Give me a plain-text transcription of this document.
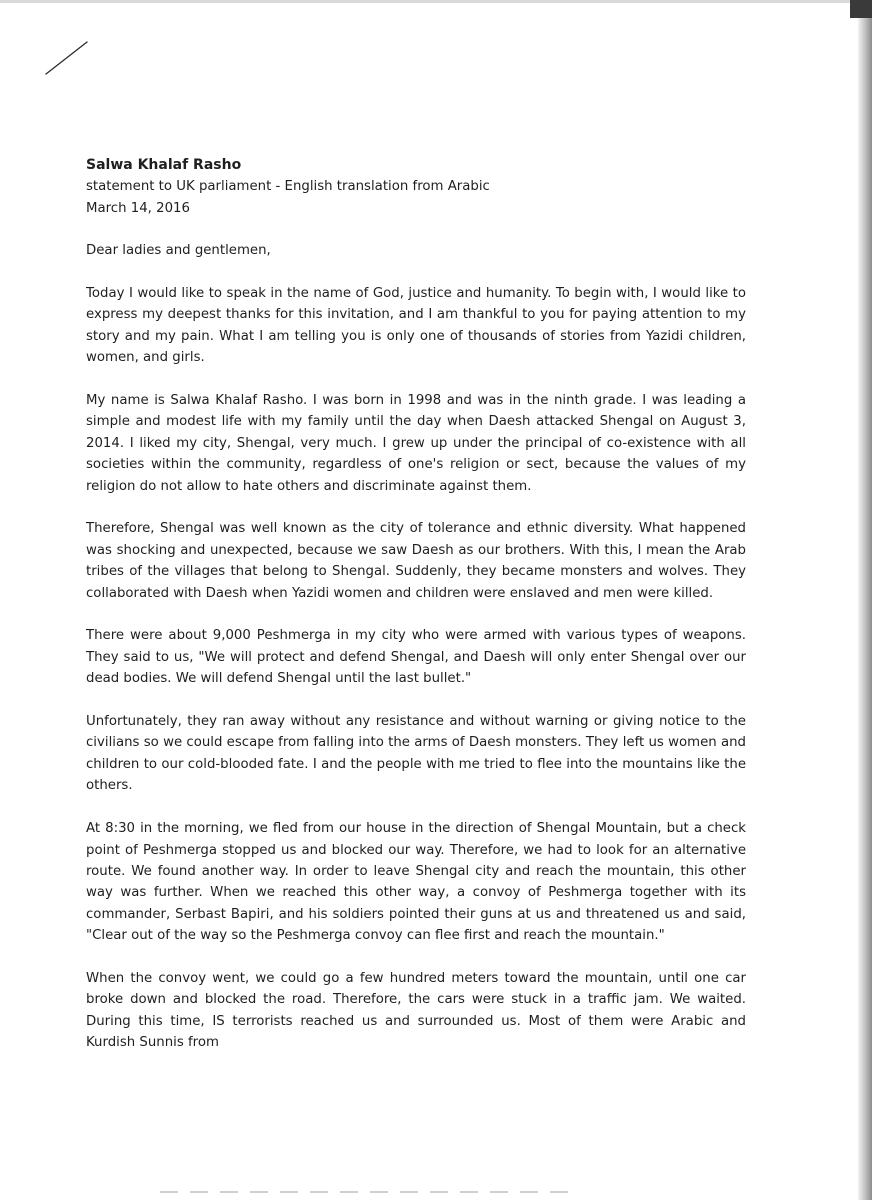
Salwa Khalaf Rasho

statement to UK parliament - English translation from Arabic

March 14, 2016

Dear ladies and gentlemen,

Today I would like to speak in the name of God, justice and humanity. To begin with, I would like to express my deepest thanks for this invitation, and I am thankful to you for paying attention to my story and my pain. What I am telling you is only one of thousands of stories from Yazidi children, women, and girls.

My name is Salwa Khalaf Rasho. I was born in 1998 and was in the ninth grade. I was leading a simple and modest life with my family until the day when Daesh attacked Shengal on August 3, 2014. I liked my city, Shengal, very much. I grew up under the principal of co-existence with all societies within the community, regardless of one's religion or sect, because the values of my religion do not allow to hate others and discriminate against them.

Therefore, Shengal was well known as the city of tolerance and ethnic diversity. What happened was shocking and unexpected, because we saw Daesh as our brothers. With this, I mean the Arab tribes of the villages that belong to Shengal. Suddenly, they became monsters and wolves. They collaborated with Daesh when Yazidi women and children were enslaved and men were killed.

There were about 9,000 Peshmerga in my city who were armed with various types of weapons. They said to us, "We will protect and defend Shengal, and Daesh will only enter Shengal over our dead bodies. We will defend Shengal until the last bullet."

Unfortunately, they ran away without any resistance and without warning or giving notice to the civilians so we could escape from falling into the arms of Daesh monsters. They left us women and children to our cold-blooded fate. I and the people with me tried to flee into the mountains like the others.

At 8:30 in the morning, we fled from our house in the direction of Shengal Mountain, but a check point of Peshmerga stopped us and blocked our way. Therefore, we had to look for an alternative route. We found another way. In order to leave Shengal city and reach the mountain, this other way was further. When we reached this other way, a convoy of Peshmerga together with its commander, Serbast Bapiri, and his soldiers pointed their guns at us and threatened us and said, "Clear out of the way so the Peshmerga convoy can flee first and reach the mountain."

When the convoy went, we could go a few hundred meters toward the mountain, until one car broke down and blocked the road. Therefore, the cars were stuck in a traffic jam. We waited. During this time, IS terrorists reached us and surrounded us. Most of them were Arabic and Kurdish Sunnis from
